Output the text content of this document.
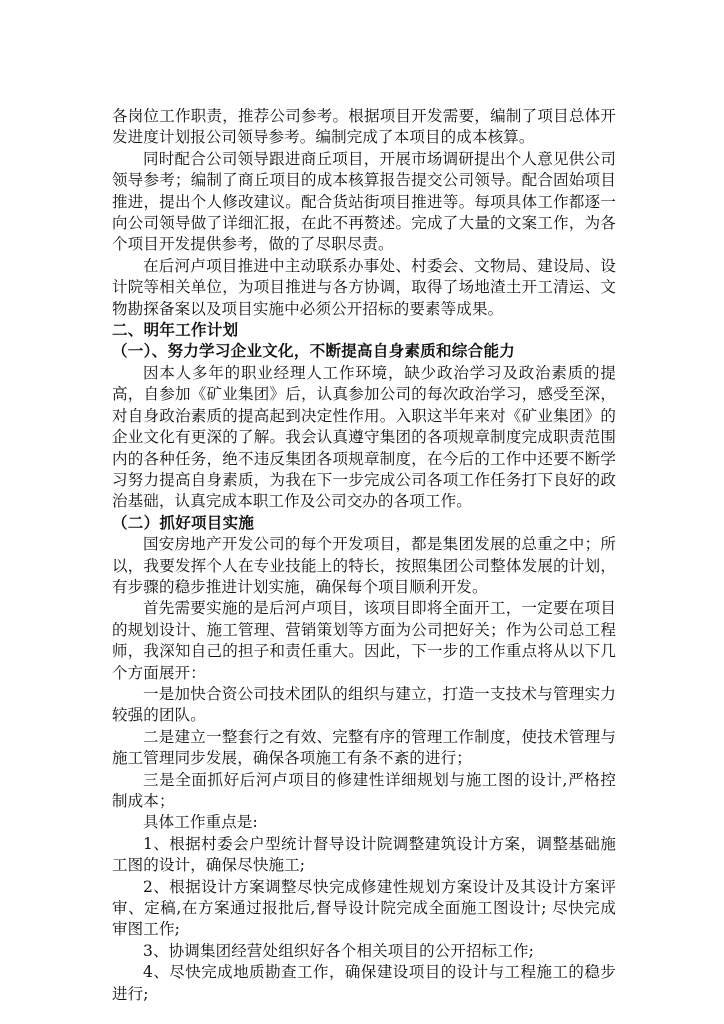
各岗位工作职责，推荐公司参考。根据项目开发需要，编制了项目总体开发进度计划报公司领导参考。编制完成了本项目的成本核算。

同时配合公司领导跟进商丘项目，开展市场调研提出个人意见供公司领导参考；编制了商丘项目的成本核算报告提交公司领导。配合固始项目推进，提出个人修改建议。配合货站街项目推进等。每项具体工作都逐一向公司领导做了详细汇报，在此不再赘述。完成了大量的文案工作，为各个项目开发提供参考，做的了尽职尽责。

在后河卢项目推进中主动联系办事处、村委会、文物局、建设局、设计院等相关单位，为项目推进与各方协调，取得了场地渣土开工清运、文物勘探备案以及项目实施中必须公开招标的要素等成果。

二、明年工作计划
（一）、努力学习企业文化，不断提高自身素质和综合能力

因本人多年的职业经理人工作环境，缺少政治学习及政治素质的提高，自参加《矿业集团》后，认真参加公司的每次政治学习，感受至深，对自身政治素质的提高起到决定性作用。入职这半年来对《矿业集团》的企业文化有更深的了解。我会认真遵守集团的各项规章制度完成职责范围内的各种任务，绝不违反集团各项规章制度，在今后的工作中还要不断学习努力提高自身素质，为我在下一步完成公司各项工作任务打下良好的政治基础，认真完成本职工作及公司交办的各项工作。

（二）抓好项目实施

国安房地产开发公司的每个开发项目，都是集团发展的总重之中；所以，我要发挥个人在专业技能上的特长，按照集团公司整体发展的计划，有步骤的稳步推进计划实施，确保每个项目顺利开发。

首先需要实施的是后河卢项目，该项目即将全面开工，一定要在项目的规划设计、施工管理、营销策划等方面为公司把好关；作为公司总工程师，我深知自己的担子和责任重大。因此，下一步的工作重点将从以下几个方面展开：

一是加快合资公司技术团队的组织与建立，打造一支技术与管理实力较强的团队。

二是建立一整套行之有效、完整有序的管理工作制度，使技术管理与施工管理同步发展，确保各项施工有条不紊的进行；

三是全面抓好后河卢项目的修建性详细规划与施工图的设计,严格控制成本；

具体工作重点是:

1、根据村委会户型统计督导设计院调整建筑设计方案，调整基础施工图的设计，确保尽快施工;

2、根据设计方案调整尽快完成修建性规划方案设计及其设计方案评审、定稿,在方案通过报批后,督导设计院完成全面施工图设计; 尽快完成审图工作;

3、协调集团经营处组织好各个相关项目的公开招标工作;

4、尽快完成地质勘查工作，确保建设项目的设计与工程施工的稳步进行;
